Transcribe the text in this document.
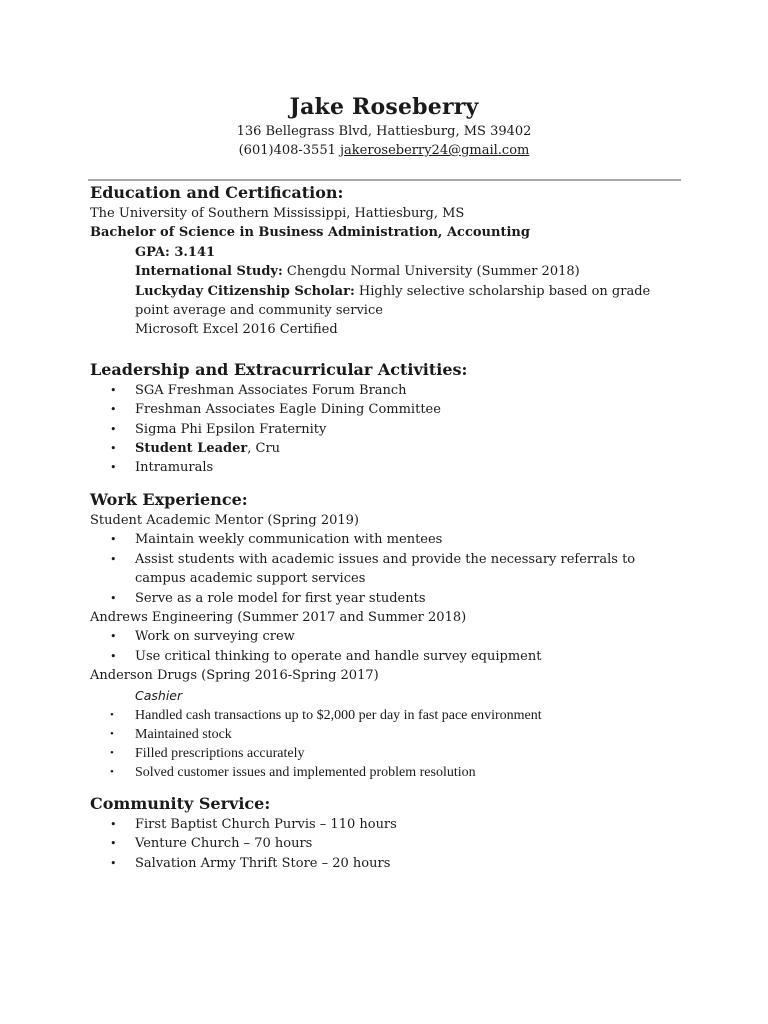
Jake Roseberry
136 Bellegrass Blvd, Hattiesburg, MS 39402
(601)408-3551 jakeroseberry24@gmail.com
Education and Certification:
The University of Southern Mississippi, Hattiesburg, MS
Bachelor of Science in Business Administration, Accounting
GPA: 3.141
International Study: Chengdu Normal University (Summer 2018)
Luckyday Citizenship Scholar: Highly selective scholarship based on grade point average and community service
Microsoft Excel 2016 Certified
Leadership and Extracurricular Activities:
• SGA Freshman Associates Forum Branch
• Freshman Associates Eagle Dining Committee
• Sigma Phi Epsilon Fraternity
• Student Leader, Cru
• Intramurals
Work Experience:
Student Academic Mentor (Spring 2019)
• Maintain weekly communication with mentees
• Assist students with academic issues and provide the necessary referrals to campus academic support services
• Serve as a role model for first year students
Andrews Engineering (Summer 2017 and Summer 2018)
• Work on surveying crew
• Use critical thinking to operate and handle survey equipment
Anderson Drugs (Spring 2016-Spring 2017)
Cashier
• Handled cash transactions up to $2,000 per day in fast pace environment
• Maintained stock
• Filled prescriptions accurately
• Solved customer issues and implemented problem resolution
Community Service:
• First Baptist Church Purvis – 110 hours
• Venture Church – 70 hours
• Salvation Army Thrift Store – 20 hours
